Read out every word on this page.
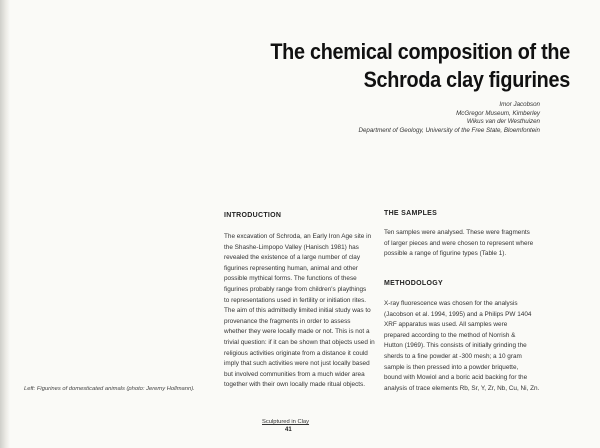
The chemical composition of the
Schroda clay figurines
Imor Jacobson
McGregor Museum, Kimberley
Wikus van der Westhuizen
Department of Geology, University of the Free State, Bloemfontein
INTRODUCTION
The excavation of Schroda, an Early Iron Age site in
the Shashe-Limpopo Valley (Hanisch 1981) has
revealed the existence of a large number of clay
figurines representing human, animal and other
possible mythical forms. The functions of these
figurines probably range from children's playthings
to representations used in fertility or initiation rites.
The aim of this admittedly limited initial study was to
provenance the fragments in order to assess
whether they were locally made or not. This is not a
trivial question: if it can be shown that objects used in
religious activities originate from a distance it could
imply that such activities were not just locally based
but involved communities from a much wider area
together with their own locally made ritual objects.
THE SAMPLES
Ten samples were analysed. These were fragments
of larger pieces and were chosen to represent where
possible a range of figurine types (Table 1).
METHODOLOGY
X-ray fluorescence was chosen for the analysis
(Jacobson et al. 1994, 1995) and a Philips PW 1404
XRF apparatus was used. All samples were
prepared according to the method of Norrish &
Hutton (1969). This consists of initially grinding the
sherds to a fine powder at -300 mesh; a 10 gram
sample is then pressed into a powder briquette,
bound with Mowiol and a boric acid backing for the
analysis of trace elements Rb, Sr, Y, Zr, Nb, Cu, Ni, Zn.
Left: Figurines of domesticated animals (photo: Jeremy Hollmann).
Sculptured in Clay
41
